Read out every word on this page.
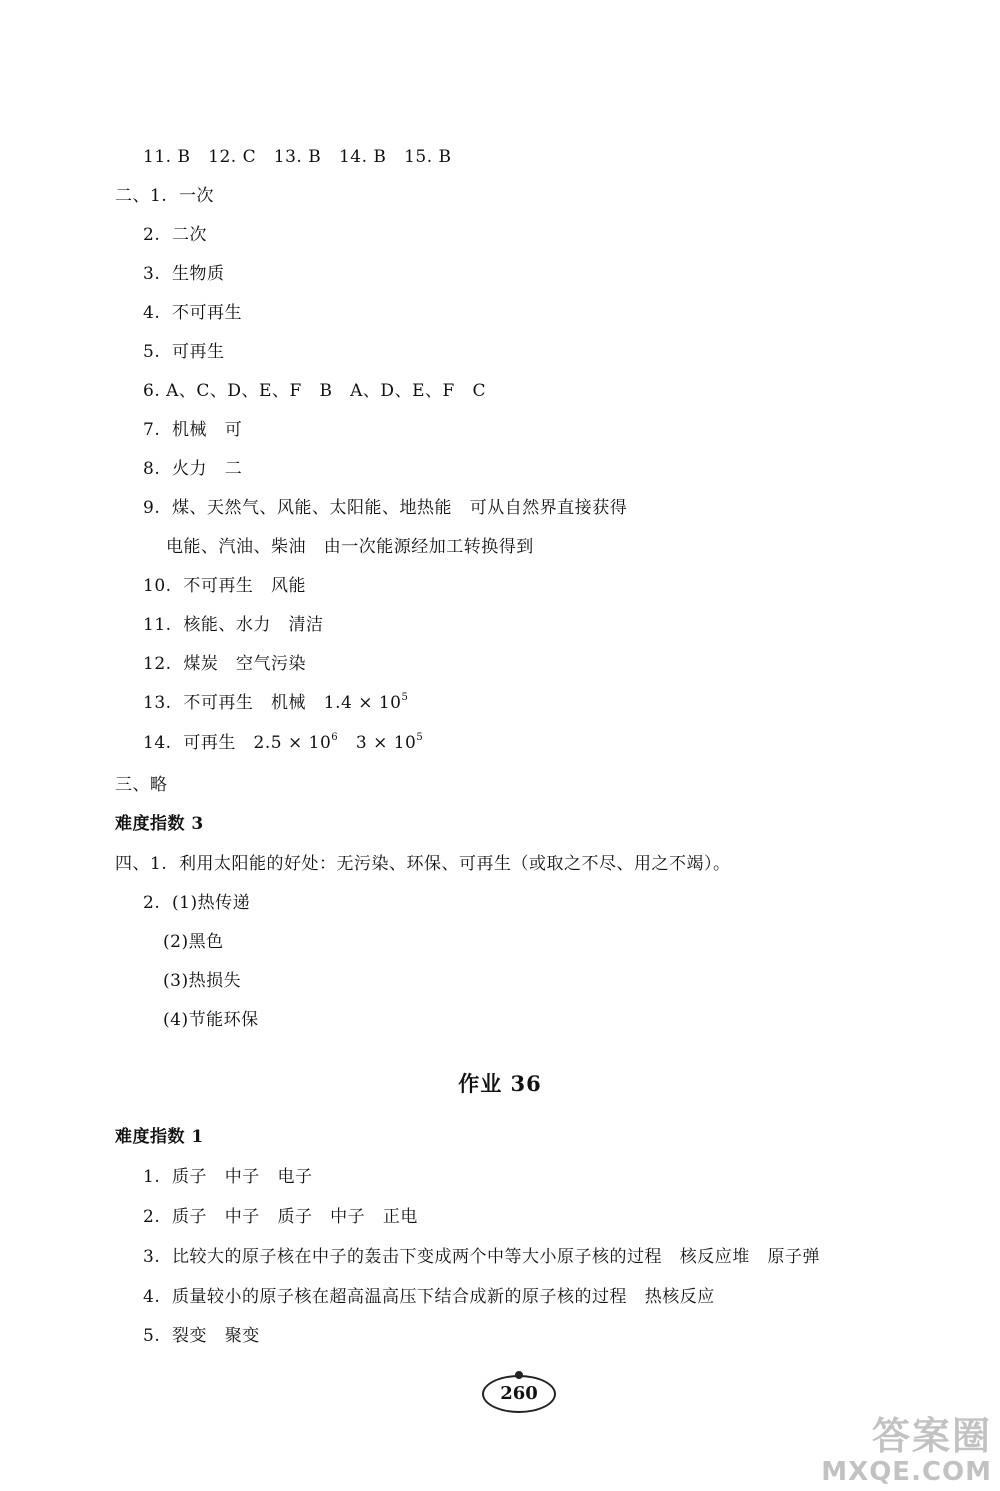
11. B   12. C   13. B   14. B   15. B
二、1.  一次
2.  二次
3.  生物质
4.  不可再生
5.  可再生
6. A、C、D、E、F   B   A、D、E、F   C
7.  机械   可
8.  火力   二
9.  煤、天然气、风能、太阳能、地热能   可从自然界直接获得
电能、汽油、柴油   由一次能源经加工转换得到
10.  不可再生   风能
11.  核能、水力   清洁
12.  煤炭   空气污染
13.  不可再生   机械   $1.4 \times 10^5$
14.  可再生   $2.5 \times 10^6$   $3 \times 10^5$
三、略
难度指数 3
四、1.  利用太阳能的好处：无污染、环保、可再生（或取之不尽、用之不竭）。
2.  (1)热传递
(2)黑色
(3)热损失
(4)节能环保
作业 36
难度指数 1
1.  质子   中子   电子
2.  质子   中子   质子   中子   正电
3.  比较大的原子核在中子的轰击下变成两个中等大小原子核的过程   核反应堆   原子弹
4.  质量较小的原子核在超高温高压下结合成新的原子核的过程   热核反应
5.  裂变   聚变
260
答案圈
MXQE.COM
